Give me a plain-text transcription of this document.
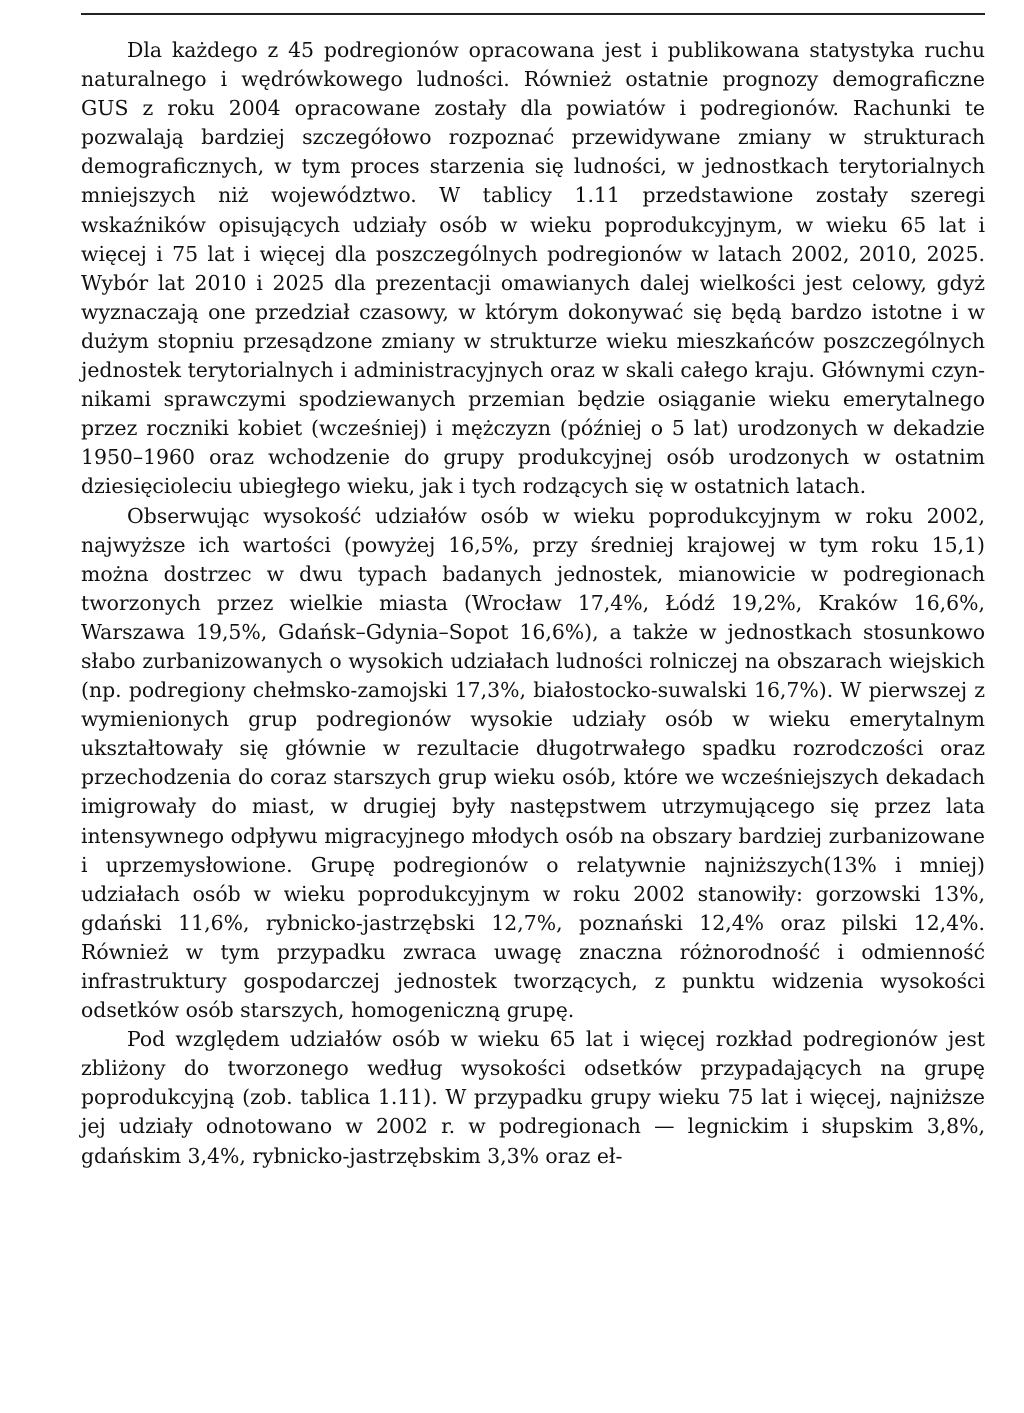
Dla każdego z 45 podregionów opracowana jest i publikowana statystyka ruchu naturalnego i wędrówkowego ludności. Również ostatnie prognozy demograficzne GUS z roku 2004 opracowane zostały dla powiatów i podregionów. Rachunki te pozwalają bardziej szczegółowo rozpoznać przewidywane zmiany w strukturach demograficznych, w tym proces starzenia się ludności, w jednostkach terytorialnych mniejszych niż województwo. W tablicy 1.11 przedstawione zostały szeregi wskaźników opisujących udziały osób w wieku poprodukcyjnym, w wieku 65 lat i więcej i 75 lat i więcej dla poszczególnych podregionów w latach 2002, 2010, 2025. Wybór lat 2010 i 2025 dla prezentacji omawianych dalej wielkości jest celowy, gdyż wyznaczają one przedział czasowy, w którym dokonywać się będą bardzo istotne i w dużym stopniu przesądzone zmiany w strukturze wieku mieszkańców poszczególnych jednostek terytorialnych i administracyjnych oraz w skali całego kraju. Głównymi czynnikami sprawczymi spodziewanych przemian będzie osiąganie wieku emerytalnego przez roczniki kobiet (wcześniej) i mężczyzn (później o 5 lat) urodzonych w dekadzie 1950–1960 oraz wchodzenie do grupy produkcyjnej osób urodzonych w ostatnim dziesięcioleciu ubiegłego wieku, jak i tych rodzących się w ostatnich latach.

Obserwując wysokość udziałów osób w wieku poprodukcyjnym w roku 2002, najwyższe ich wartości (powyżej 16,5%, przy średniej krajowej w tym roku 15,1) można dostrzec w dwu typach badanych jednostek, mianowicie w podregionach tworzonych przez wielkie miasta (Wrocław 17,4%, Łódź 19,2%, Kraków 16,6%, Warszawa 19,5%, Gdańsk–Gdynia–Sopot 16,6%), a także w jednostkach stosunkowo słabo zurbanizowanych o wysokich udziałach ludności rolniczej na obszarach wiejskich (np. podregiony chełmsko-zamojski 17,3%, białostocko-suwalski 16,7%). W pierwszej z wymienionych grup podregionów wysokie udziały osób w wieku emerytalnym ukształtowały się głównie w rezultacie długotrwałego spadku rozrodczości oraz przechodzenia do coraz starszych grup wieku osób, które we wcześniejszych dekadach imigrowały do miast, w drugiej były następstwem utrzymującego się przez lata intensywnego odpływu migracyjnego młodych osób na obszary bardziej zurbanizowane i uprzemysłowione. Grupę podregionów o relatywnie najniższych(13% i mniej) udziałach osób w wieku poprodukcyjnym w roku 2002 stanowiły: gorzowski 13%, gdański 11,6%, rybnicko-jastrzębski 12,7%, poznański 12,4% oraz pilski 12,4%. Również w tym przypadku zwraca uwagę znaczna różnorodność i odmienność infrastruktury gospodarczej jednostek tworzących, z punktu widzenia wysokości odsetków osób starszych, homogeniczną grupę.

Pod względem udziałów osób w wieku 65 lat i więcej rozkład podregionów jest zbliżony do tworzonego według wysokości odsetków przypadających na grupę poprodukcyjną (zob. tablica 1.11). W przypadku grupy wieku 75 lat i więcej, najniższe jej udziały odnotowano w 2002 r. w podregionach — legnickim i słupskim 3,8%, gdańskim 3,4%, rybnicko-jastrzębskim 3,3% oraz eł-
